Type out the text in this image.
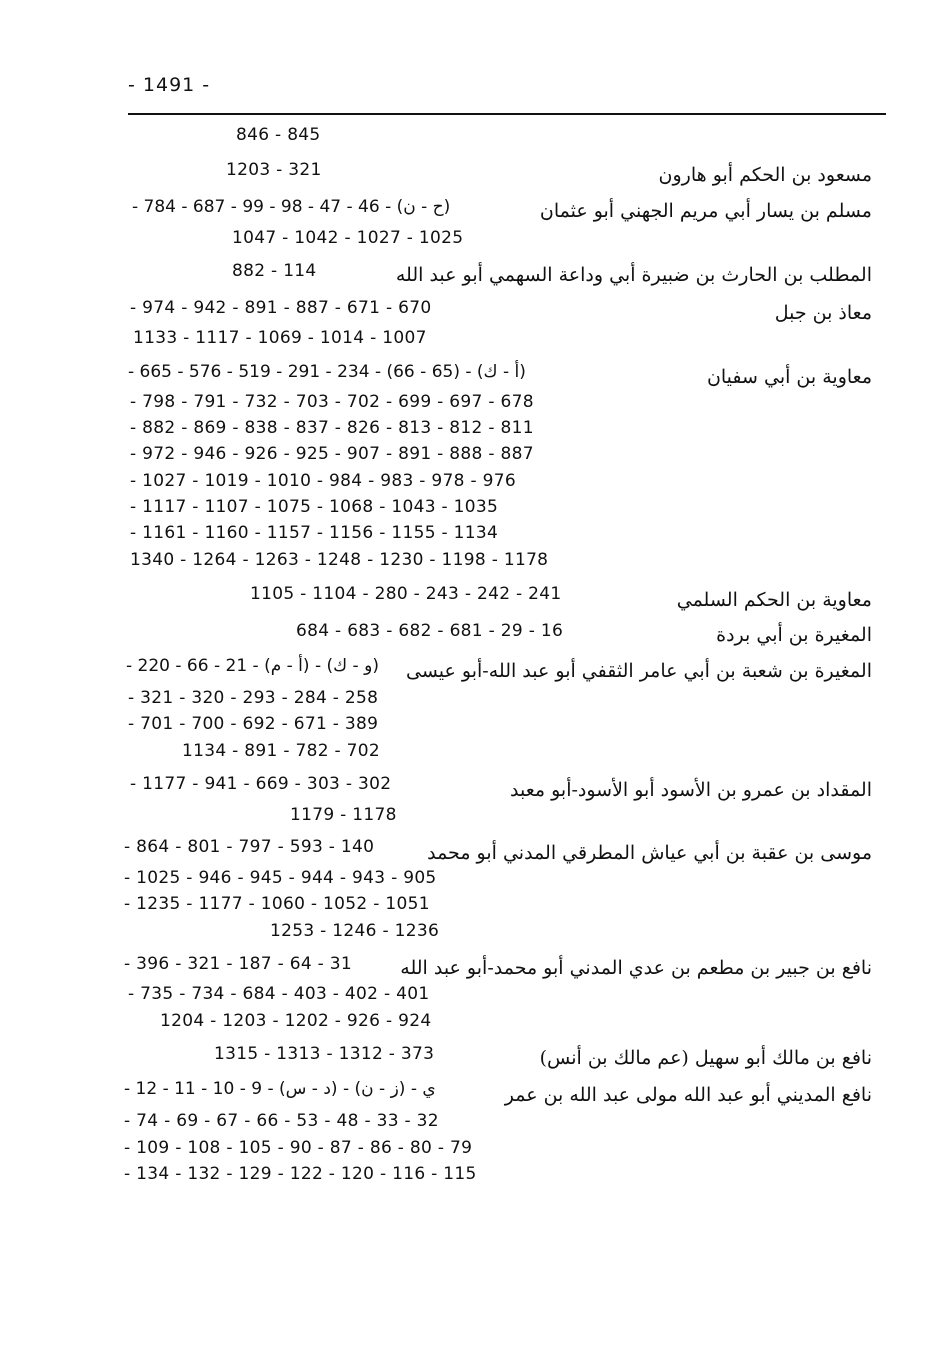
- 1491 -
846 - 845
مسعود بن الحكم أبو هارون
1203 - 321
مسلم بن يسار أبي مريم الجهني أبو عثمان
- 784 - 687 - 99 - 98 - 47 - 46 - (ح - ن)
1047 - 1042 - 1027 - 1025
المطلب بن الحارث بن ضبيرة أبي وداعة السهمي أبو عبد الله
882 - 114
معاذ بن جبل
- 974 - 942 - 891 - 887 - 671 - 670
1133 - 1117 - 1069 - 1014 - 1007
معاوية بن أبي سفيان
- 665 - 576 - 519 - 291 - 234 - (66 - 65) - (أ - ك)
- 798 - 791 - 732 - 703 - 702 - 699 - 697 - 678
- 882 - 869 - 838 - 837 - 826 - 813 - 812 - 811
- 972 - 946 - 926 - 925 - 907 - 891 - 888 - 887
- 1027 - 1019 - 1010 - 984 - 983 - 978 - 976
- 1117 - 1107 - 1075 - 1068 - 1043 - 1035
- 1161 - 1160 - 1157 - 1156 - 1155 - 1134
1340 - 1264 - 1263 - 1248 - 1230 - 1198 - 1178
معاوية بن الحكم السلمي
1105 - 1104 - 280 - 243 - 242 - 241
المغيرة بن أبي بردة
684 - 683 - 682 - 681 - 29 - 16
المغيرة بن شعبة بن أبي عامر الثقفي أبو عبد الله-أبو عيسى
- 220 - 66 - 21 - (أ - م) - (و - ك)
- 321 - 320 - 293 - 284 - 258
- 701 - 700 - 692 - 671 - 389
1134 - 891 - 782 - 702
المقداد بن عمرو بن الأسود أبو الأسود-أبو معبد
- 1177 - 941 - 669 - 303 - 302
1179 - 1178
موسى بن عقبة بن أبي عياش المطرقي المدني أبو محمد
- 864 - 801 - 797 - 593 - 140
- 1025 - 946 - 945 - 944 - 943 - 905
- 1235 - 1177 - 1060 - 1052 - 1051
1253 - 1246 - 1236
نافع بن جبير بن مطعم بن عدي المدني أبو محمد-أبو عبد الله
- 396 - 321 - 187 - 64 - 31
- 735 - 734 - 684 - 403 - 402 - 401
1204 - 1203 - 1202 - 926 - 924
نافع بن مالك أبو سهيل (عم مالك بن أنس)
1315 - 1313 - 1312 - 373
نافع المديني أبو عبد الله مولى عبد الله بن عمر
- 12 - 11 - 10 - 9 - (د - س) - (ز - ن) - ي
- 74 - 69 - 67 - 66 - 53 - 48 - 33 - 32
- 109 - 108 - 105 - 90 - 87 - 86 - 80 - 79
- 134 - 132 - 129 - 122 - 120 - 116 - 115
